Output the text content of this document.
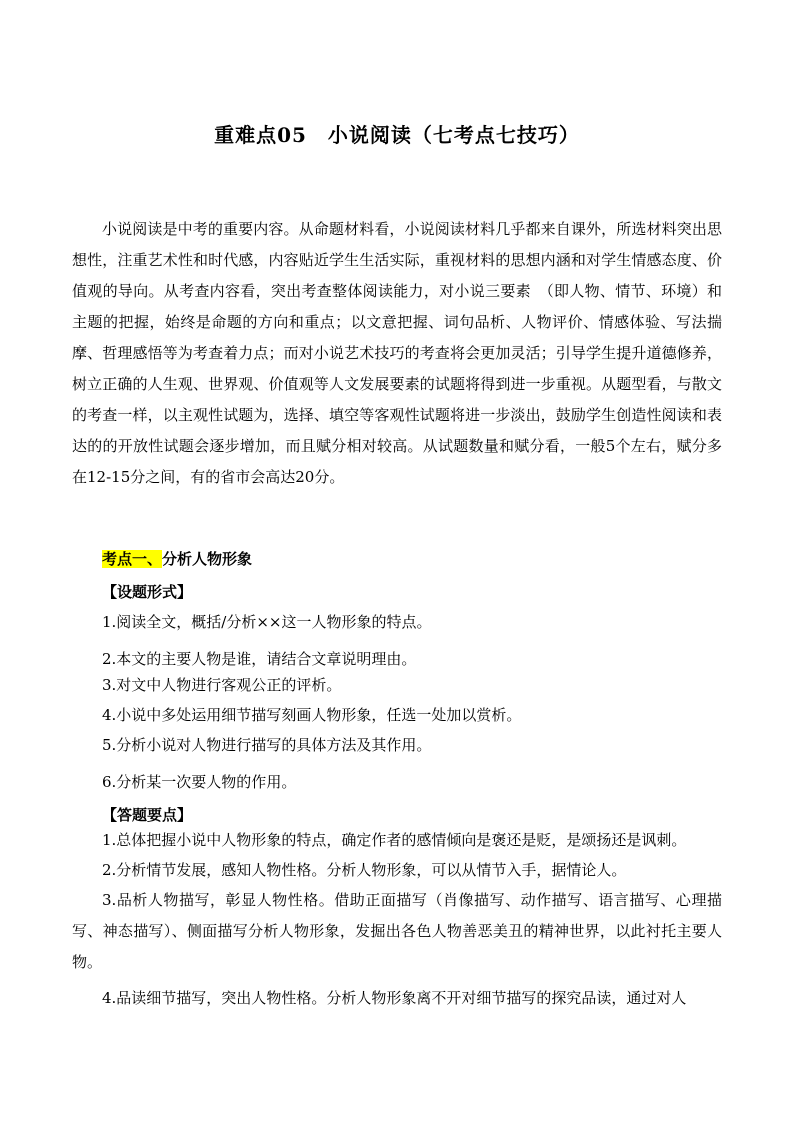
重难点05　小说阅读（七考点七技巧）

小说阅读是中考的重要内容。从命题材料看，小说阅读材料几乎都来自课外，所选材料突出思想性，注重艺术性和时代感，内容贴近学生生活实际，重视材料的思想内涵和对学生情感态度、价值观的导向。从考查内容看，突出考查整体阅读能力，对小说三要素　（即人物、情节、环境）和主题的把握，始终是命题的方向和重点；以文意把握、词句品析、人物评价、情感体验、写法揣摩、哲理感悟等为考查着力点；而对小说艺术技巧的考查将会更加灵活；引导学生提升道德修养，树立正确的人生观、世界观、价值观等人文发展要素的试题将得到进一步重视。从题型看，与散文的考查一样，以主观性试题为，选择、填空等客观性试题将进一步淡出，鼓励学生创造性阅读和表达的的开放性试题会逐步增加，而且赋分相对较高。从试题数量和赋分看，一般5个左右，赋分多在12-15分之间，有的省市会高达20分。

考点一、分析人物形象
【设题形式】
1.阅读全文，概括/分析××这一人物形象的特点。
2.本文的主要人物是谁，请结合文章说明理由。
3.对文中人物进行客观公正的评析。
4.小说中多处运用细节描写刻画人物形象，任选一处加以赏析。
5.分析小说对人物进行描写的具体方法及其作用。
6.分析某一次要人物的作用。
【答题要点】
1.总体把握小说中人物形象的特点，确定作者的感情倾向是褒还是贬，是颂扬还是讽刺。
2.分析情节发展，感知人物性格。分析人物形象，可以从情节入手，据情论人。

3.品析人物描写，彰显人物性格。借助正面描写（肖像描写、动作描写、语言描写、心理描写、神态描写）、侧面描写分析人物形象，发掘出各色人物善恶美丑的精神世界，以此衬托主要人物。

4.品读细节描写，突出人物性格。分析人物形象离不开对细节描写的探究品读，通过对人
